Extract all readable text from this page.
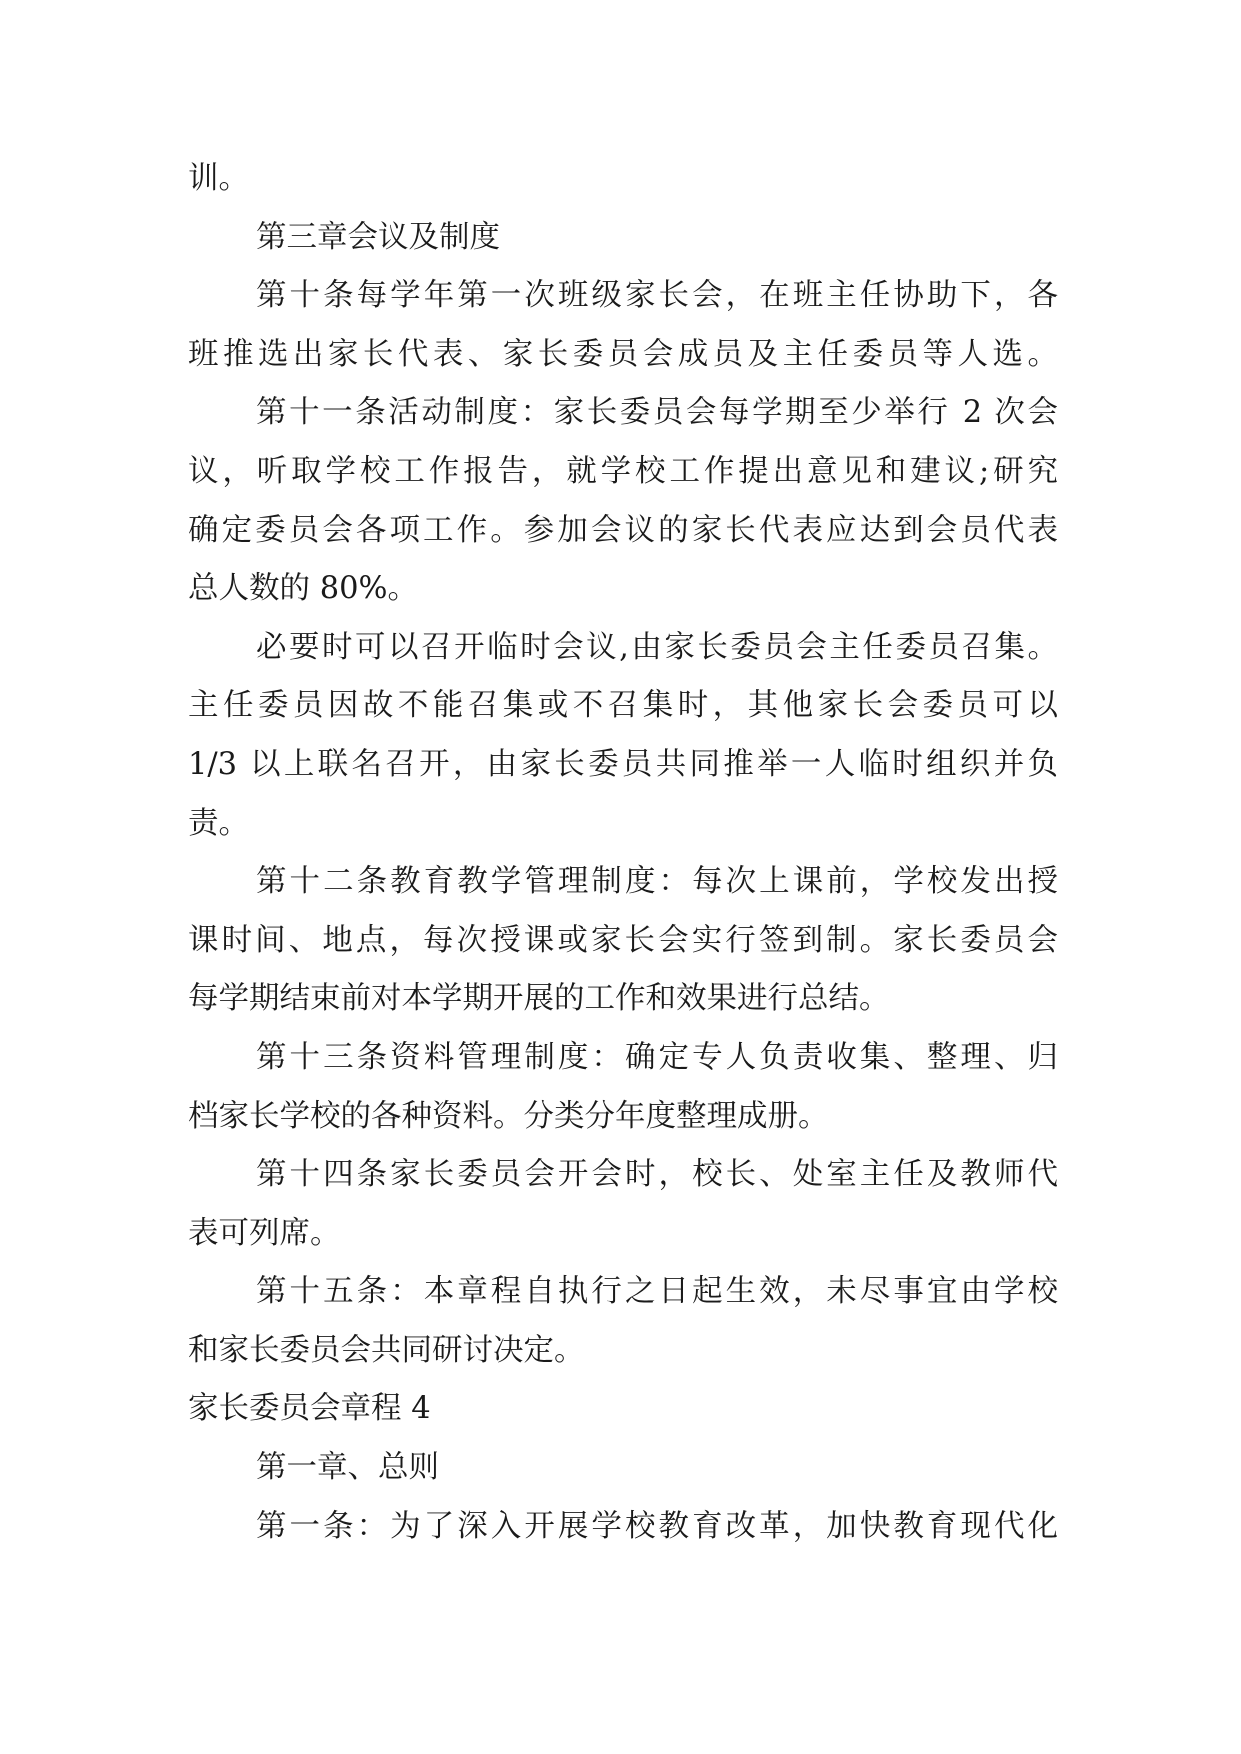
训。
第三章会议及制度
第十条每学年第一次班级家长会，在班主任协助下，各
班推选出家长代表、家长委员会成员及主任委员等人选。
第十一条活动制度：家长委员会每学期至少举行 2 次会
议，听取学校工作报告，就学校工作提出意见和建议;研究
确定委员会各项工作。参加会议的家长代表应达到会员代表
总人数的 80%。
必要时可以召开临时会议,由家长委员会主任委员召集。
主任委员因故不能召集或不召集时，其他家长会委员可以
1/3 以上联名召开，由家长委员共同推举一人临时组织并负
责。
第十二条教育教学管理制度：每次上课前，学校发出授
课时间、地点，每次授课或家长会实行签到制。家长委员会
每学期结束前对本学期开展的工作和效果进行总结。
第十三条资料管理制度：确定专人负责收集、整理、归
档家长学校的各种资料。分类分年度整理成册。
第十四条家长委员会开会时，校长、处室主任及教师代
表可列席。
第十五条：本章程自执行之日起生效，未尽事宜由学校
和家长委员会共同研讨决定。
家长委员会章程 4
第一章、总则
第一条：为了深入开展学校教育改革，加快教育现代化
